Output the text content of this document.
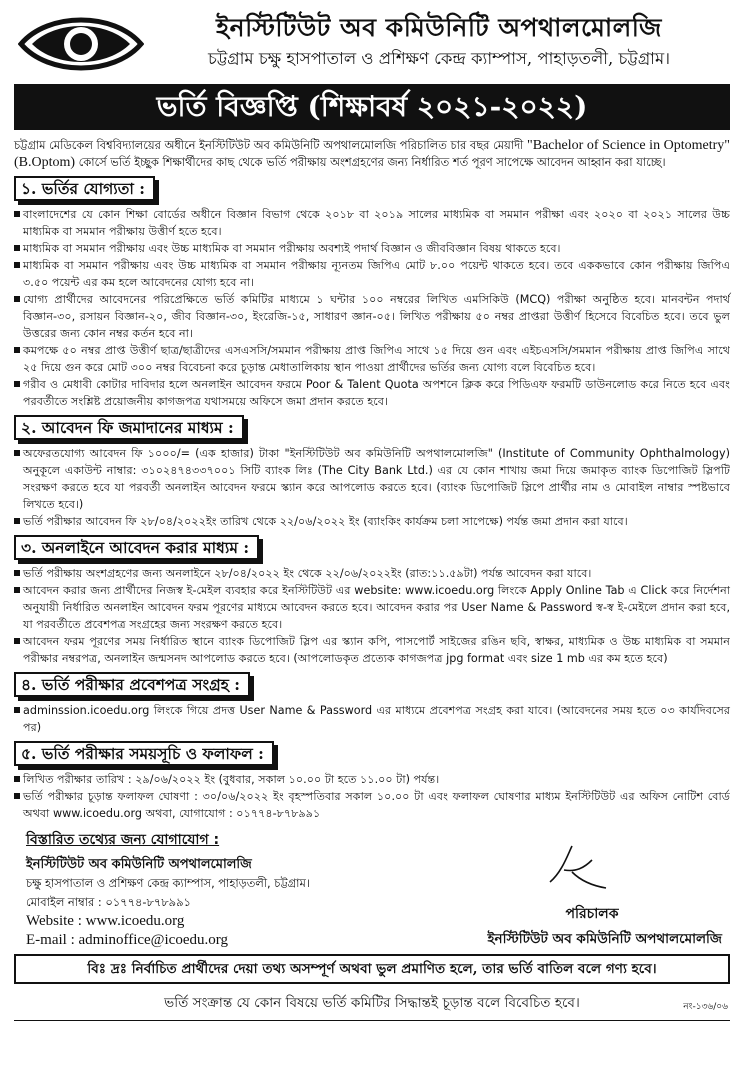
ইনস্টিটিউট অব কমিউনিটি অপথালমোলজি
চট্টগ্রাম চক্ষু হাসপাতাল ও প্রশিক্ষণ কেন্দ্র ক্যাম্পাস, পাহাড়তলী, চট্টগ্রাম।
ভর্তি বিজ্ঞপ্তি (শিক্ষাবর্ষ ২০২১-২০২২)

চট্টগ্রাম মেডিকেল বিশ্ববিদ্যালয়ের অধীনে ইনস্টিটিউট অব কমিউনিটি অপথালমোলজি পরিচালিত চার বছর মেয়াদী "Bachelor of Science in Optometry" (B.Optom) কোর্সে ভর্তি ইচ্ছুক শিক্ষার্থীদের কাছ থেকে ভর্তি পরীক্ষায় অংশগ্রহণের জন্য নির্ধারিত শর্ত পূরণ সাপেক্ষে আবেদন আহ্বান করা যাচ্ছে।

১. ভর্তির যোগ্যতা :
বাংলাদেশের যে কোন শিক্ষা বোর্ডের অধীনে বিজ্ঞান বিভাগ থেকে ২০১৮ বা ২০১৯ সালের মাধ্যমিক বা সমমান পরীক্ষা এবং ২০২০ বা ২০২১ সালের উচ্চ মাধ্যমিক বা সমমান পরীক্ষায় উত্তীর্ণ হতে হবে।
মাধ্যমিক বা সমমান পরীক্ষায় এবং উচ্চ মাধ্যমিক বা সমমান পরীক্ষায় অবশ্যই পদার্থ বিজ্ঞান ও জীববিজ্ঞান বিষয় থাকতে হবে।
মাধ্যমিক বা সমমান পরীক্ষায় এবং উচ্চ মাধ্যমিক বা সমমান পরীক্ষায় ন্যূনতম জিপিএ মোট ৮.০০ পয়েন্ট থাকতে হবে। তবে এককভাবে কোন পরীক্ষায় জিপিএ ৩.৫০ পয়েন্ট এর কম হলে আবেদনের যোগ্য হবে না।
যোগ্য প্রার্থীদের আবেদনের পরিপ্রেক্ষিতে ভর্তি কমিটির মাধ্যমে ১ ঘন্টার ১০০ নম্বরের লিখিত এমসিকিউ (MCQ) পরীক্ষা অনুষ্ঠিত হবে। মানবন্টন পদার্থ বিজ্ঞান-৩০, রসায়ন বিজ্ঞান-২০, জীব বিজ্ঞান-৩০, ইংরেজি-১৫, সাধারণ জ্ঞান-০৫। লিখিত পরীক্ষায় ৫০ নম্বর প্রাপ্তরা উত্তীর্ণ হিসেবে বিবেচিত হবে। তবে ভুল উত্তরের জন্য কোন নম্বর কর্তন হবে না।
কমপক্ষে ৫০ নম্বর প্রাপ্ত উত্তীর্ণ ছাত্র/ছাত্রীদের এসএসসি/সমমান পরীক্ষায় প্রাপ্ত জিপিএ সাথে ১৫ দিয়ে গুন এবং এইচএসসি/সমমান পরীক্ষায় প্রাপ্ত জিপিএ সাথে ২৫ দিয়ে গুন করে মোট ৩০০ নম্বর বিবেচনা করে চূড়ান্ত মেধাতালিকায় স্থান পাওয়া প্রার্থীদের ভর্তির জন্য যোগ্য বলে বিবেচিত হবে।
গরীব ও মেধাবী কোটার দাবিদার হলে অনলাইন আবেদন ফরমে Poor & Talent Quota অপশনে ক্লিক করে পিডিএফ ফরমটি ডাউনলোড করে নিতে হবে এবং পরবর্তীতে সংশ্লিষ্ট প্রয়োজনীয় কাগজপত্র যথাসময়ে অফিসে জমা প্রদান করতে হবে।
২. আবেদন ফি জমাদানের মাধ্যম :
অফেরতযোগ্য আবেদন ফি ১০০০/= (এক হাজার) টাকা "ইনস্টিটিউট অব কমিউনিটি অপথালমোলজি" (Institute of Community Ophthalmology) অনুকূলে একাউন্ট নাম্বার: ৩১০২৪৭৪৩৩৭০০১ সিটি ব্যাংক লিঃ (The City Bank Ltd.) এর যে কোন শাখায় জমা দিয়ে জমাকৃত ব্যাংক ডিপোজিট স্লিপটি সংরক্ষণ করতে হবে যা পরবর্তী অনলাইন আবেদন ফরমে স্ক্যান করে আপলোড করতে হবে। (ব্যাংক ডিপোজিট স্লিপে প্রার্থীর নাম ও মোবাইল নাম্বার স্পষ্টভাবে লিখতে হবে।)
ভর্তি পরীক্ষার আবেদন ফি ২৮/০৪/২০২২ইং তারিখ থেকে ২২/০৬/২০২২ ইং (ব্যাংকিং কার্যক্রম চলা সাপেক্ষে) পর্যন্ত জমা প্রদান করা যাবে।
৩. অনলাইনে আবেদন করার মাধ্যম :
ভর্তি পরীক্ষায় অংশগ্রহণের জন্য অনলাইনে ২৮/০৪/২০২২ ইং থেকে ২২/০৬/২০২২ইং (রাত:১১.৫৯টা) পর্যন্ত আবেদন করা যাবে।
আবেদন করার জন্য প্রার্থীদের নিজস্ব ই-মেইল ব্যবহার করে ইনস্টিটিউট এর website: www.icoedu.org লিংকে Apply Online Tab এ Click করে নির্দেশনা অনুযায়ী নির্ধারিত অনলাইন আবেদন ফরম পূরণের মাধ্যমে আবেদন করতে হবে। আবেদন করার পর User Name & Password স্ব-স্ব ই-মেইলে প্রদান করা হবে, যা পরবর্তীতে প্রবেশপত্র সংগ্রহের জন্য সংরক্ষণ করতে হবে।
আবেদন ফরম পূরণের সময় নির্ধারিত স্থানে ব্যাংক ডিপোজিট স্লিপ এর স্ক্যান কপি, পাসপোর্ট সাইজের রঙিন ছবি, স্বাক্ষর, মাধ্যমিক ও উচ্চ মাধ্যমিক বা সমমান পরীক্ষার নম্বরপত্র, অনলাইন জন্মসনদ আপলোড করতে হবে। (আপলোডকৃত প্রত্যেক কাগজপত্র jpg format এবং size 1 mb এর কম হতে হবে)
৪. ভর্তি পরীক্ষার প্রবেশপত্র সংগ্রহ :
adminssion.icoedu.org লিংকে গিয়ে প্রদত্ত User Name & Password এর মাধ্যমে প্রবেশপত্র সংগ্রহ করা যাবে। (আবেদনের সময় হতে ০৩ কার্যদিবসের পর)
৫. ভর্তি পরীক্ষার সময়সূচি ও ফলাফল :
লিখিত পরীক্ষার তারিখ : ২৯/০৬/২০২২ ইং (বুধবার, সকাল ১০.০০ টা হতে ১১.০০ টা) পর্যন্ত।
ভর্তি পরীক্ষার চূড়ান্ত ফলাফল ঘোষণা : ৩০/০৬/২০২২ ইং বৃহস্পতিবার সকাল ১০.০০ টা এবং ফলাফল ঘোষণার মাধ্যম ইনস্টিটিউট এর অফিস নোটিশ বোর্ড অথবা www.icoedu.org অথবা, যোগাযোগ : ০১৭৭৪-৮৭৮৯৯১
বিস্তারিত তথ্যের জন্য যোগাযোগ :
ইনস্টিটিউট অব কমিউনিটি অপথালমোলজি
চক্ষু হাসপাতাল ও প্রশিক্ষণ কেন্দ্র ক্যাম্পাস, পাহাড়তলী, চট্টগ্রাম।
মোবাইল নাম্বার : ০১৭৭৪-৮৭৮৯৯১
Website : www.icoedu.org
E-mail : adminoffice@icoedu.org
পরিচালক
ইনস্টিটিউট অব কমিউনিটি অপথালমোলজি
বিঃ দ্রঃ নির্বাচিত প্রার্থীদের দেয়া তথ্য অসম্পূর্ণ অথবা ভুল প্রমাণিত হলে, তার ভর্তি বাতিল বলে গণ্য হবে।
ভর্তি সংক্রান্ত যে কোন বিষয়ে ভর্তি কমিটির সিদ্ধান্তই চূড়ান্ত বলে বিবেচিত হবে।	নং-১৩৬/০৬
